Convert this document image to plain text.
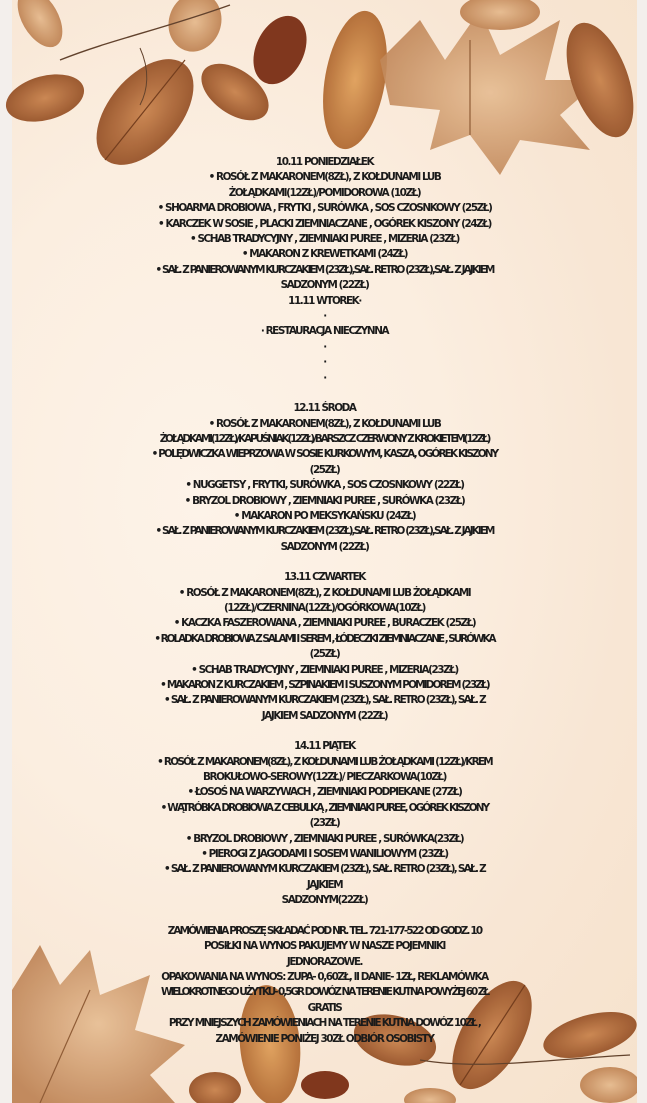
10.11 PONIEDZIAŁEK

• ROSÓŁ Z MAKARONEM(8ZŁ), Z KOŁDUNAMI LUB

ŻOŁĄDKAMI(12ZŁ)/POMIDOROWA (10ZŁ)

• SHOARMA DROBIOWA , FRYTKI , SURÓWKA , SOS CZOSNKOWY (25ZŁ)

• KARCZEK W SOSIE , PLACKI ZIEMNIACZANE , OGÓREK KISZONY (24ZŁ)

• SCHAB TRADYCYJNY , ZIEMNIAKI PUREE , MIZERIA (23ZŁ)

• MAKARON Z KREWETKAMI (24ZŁ)

• SAŁ. Z PANIEROWANYM KURCZAKIEM (23ZŁ),SAŁ. RETRO (23ZŁ),SAŁ. Z JAJKIEM

SADZONYM (22ZŁ)

11.11 WTOREK·

·

· RESTAURACJA NIECZYNNA

·

·

·

12.11 ŚRODA

• ROSÓŁ Z MAKARONEM(8ZŁ), Z KOŁDUNAMI LUB

ŻOŁĄDKAMI(12ZŁ)/KAPUŚNIAK(12ZŁ)/BARSZCZ CZERWONY Z KROKIETEM(12ZŁ)

• POLĘDWICZKA WIEPRZOWA W SOSIE KURKOWYM, KASZA, OGÓREK KISZONY

(25ZŁ)

• NUGGETSY , FRYTKI, SURÓWKA , SOS CZOSNKOWY (22ZŁ)

• BRYZOL DROBIOWY , ZIEMNIAKI PUREE , SURÓWKA (23ZŁ)

• MAKARON PO MEKSYKAŃSKU (24ZŁ)

• SAŁ. Z PANIEROWANYM KURCZAKIEM (23ZŁ),SAŁ. RETRO (23ZŁ),SAŁ. Z JAJKIEM

SADZONYM (22ZŁ)

13.11 CZWARTEK

• ROSÓŁ Z MAKARONEM(8ZŁ), Z KOŁDUNAMI LUB ŻOŁĄDKAMI

(12ZŁ)/CZERNINA(12ZŁ)/OGÓRKOWA(10ZŁ)

• KACZKA FASZEROWANA , ZIEMNIAKI PUREE , BURACZEK (25ZŁ)

• ROLADKA DROBIOWA Z SALAMI I SEREM , ŁÓDECZKI ZIEMNIACZANE , SURÓWKA

(25ZŁ)

• SCHAB TRADYCYJNY , ZIEMNIAKI PUREE , MIZERIA(23ZŁ)

• MAKARON Z KURCZAKIEM , SZPINAKIEM I SUSZONYM POMIDOREM (23ZŁ)

• SAŁ. Z PANIEROWANYM KURCZAKIEM (23ZŁ), SAŁ. RETRO (23ZŁ), SAŁ. Z

JAJKIEM SADZONYM (22ZŁ)

14.11 PIĄTEK

• ROSÓŁ Z MAKARONEM(8ZŁ), Z KOŁDUNAMI LUB ŻOŁĄDKAMI (12ZŁ)/KREM

BROKUŁOWO-SEROWY(12ZŁ)/ PIECZARKOWA(10ZŁ)

• ŁOSOŚ NA WARZYWACH , ZIEMNIAKI PODPIEKANE (27ZŁ)

• WĄTRÓBKA DROBIOWA Z CEBULKĄ , ZIEMNIAKI PUREE, OGÓREK KISZONY

(23ZŁ)

• BRYZOL DROBIOWY , ZIEMNIAKI PUREE , SURÓWKA(23ZŁ)

• PIEROGI Z JAGODAMI I SOSEM WANILIOWYM (23ZŁ)

• SAŁ. Z PANIEROWANYM KURCZAKIEM (23ZŁ), SAŁ. RETRO (23ZŁ), SAŁ. Z

JAJKIEM

SADZONYM(22ZŁ)

ZAMÓWIENIA PROSZĘ SKŁADAĆ POD NR. TEL. 721-177-522 OD GODZ. 10

POSIŁKI NA WYNOS PAKUJEMY W NASZE POJEMNIKI

JEDNORAZOWE.

OPAKOWANIA NA WYNOS: ZUPA- 0,60ZŁ, II DANIE- 1ZŁ, REKLAMÓWKA

WIELOKROTNEGO UŻYTKU- 0,5GR DOWÓZ NA TERENIE KUTNA POWYŻEJ 60 ZŁ

GRATIS

PRZY MNIEJSZYCH ZAMÓWIENIACH NA TERENIE KUTNA DOWÓZ 10ZŁ ,

ZAMÓWIENIE PONIŻEJ 30ZŁ ODBIÓR OSOBISTY
